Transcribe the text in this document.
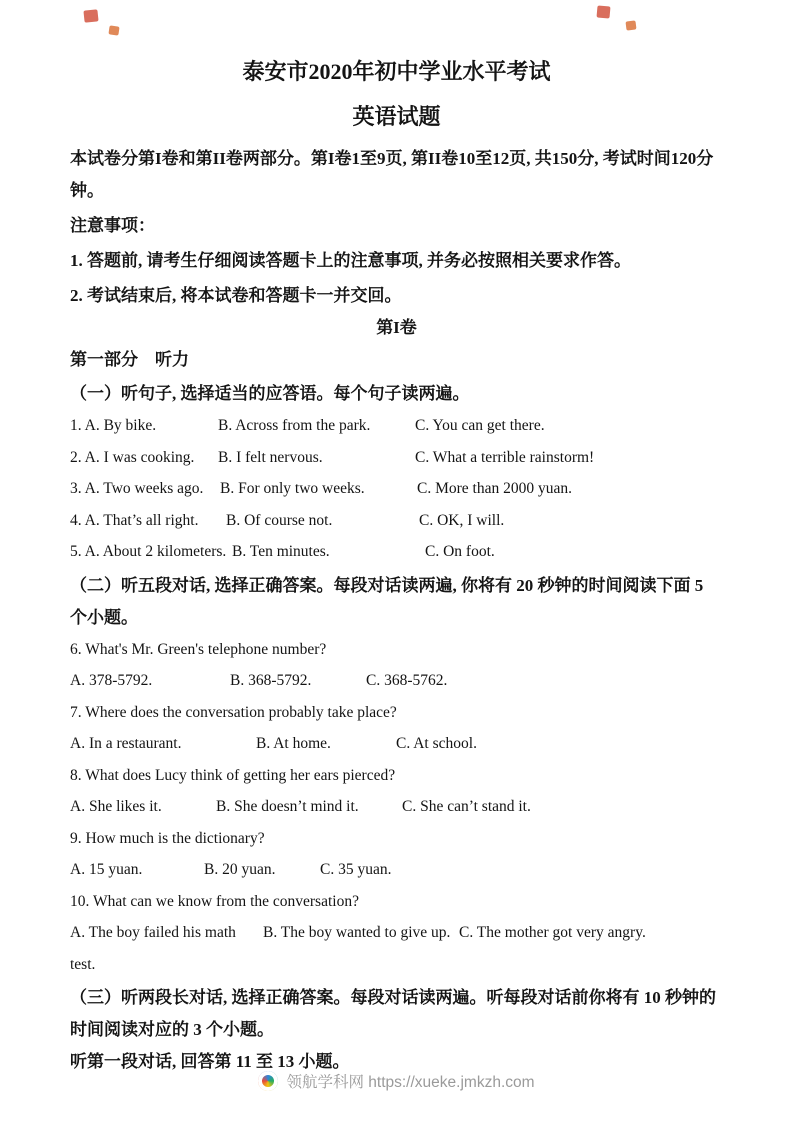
泰安市2020年初中学业水平考试
英语试题

本试卷分第I卷和第II卷两部分。第I卷1至9页, 第II卷10至12页, 共150分, 考试时间120分钟。

注意事项：

1. 答题前, 请考生仔细阅读答题卡上的注意事项, 并务必按照相关要求作答。

2. 考试结束后, 将本试卷和答题卡一并交回。

第I卷

第一部分　听力

（一）听句子, 选择适当的应答语。每个句子读两遍。

1. A. By bike.	B. Across from the park.	C. You can get there.
2. A. I was cooking.	B. I felt nervous.	C. What a terrible rainstorm!
3. A. Two weeks ago.	B. For only two weeks.	C. More than 2000 yuan.
4. A. That’s all right.	B. Of course not.	C. OK, I will.
5. A. About 2 kilometers. B. Ten minutes.	C. On foot.

（二）听五段对话, 选择正确答案。每段对话读两遍, 你将有 20 秒钟的时间阅读下面 5 个小题。

6. What's Mr. Green's telephone number?

A. 378-5792.	B. 368-5792.	C. 368-5762.

7. Where does the conversation probably take place?

A. In a restaurant.	B. At home.	C. At school.

8. What does Lucy think of getting her ears pierced?

A. She likes it.	B. She doesn’t mind it.	C. She can’t stand it.

9. How much is the dictionary?

A. 15 yuan.	B. 20 yuan.	C. 35 yuan.

10. What can we know from the conversation?

A. The boy failed his math test.
B. The boy wanted to give up. C. The mother got very angry.

（三）听两段长对话, 选择正确答案。每段对话读两遍。听每段对话前你将有 10 秒钟的时间阅读对应的 3 个小题。

听第一段对话, 回答第 11 至 13 小题。

领航学科网 https://xueke.jmkzh.com
